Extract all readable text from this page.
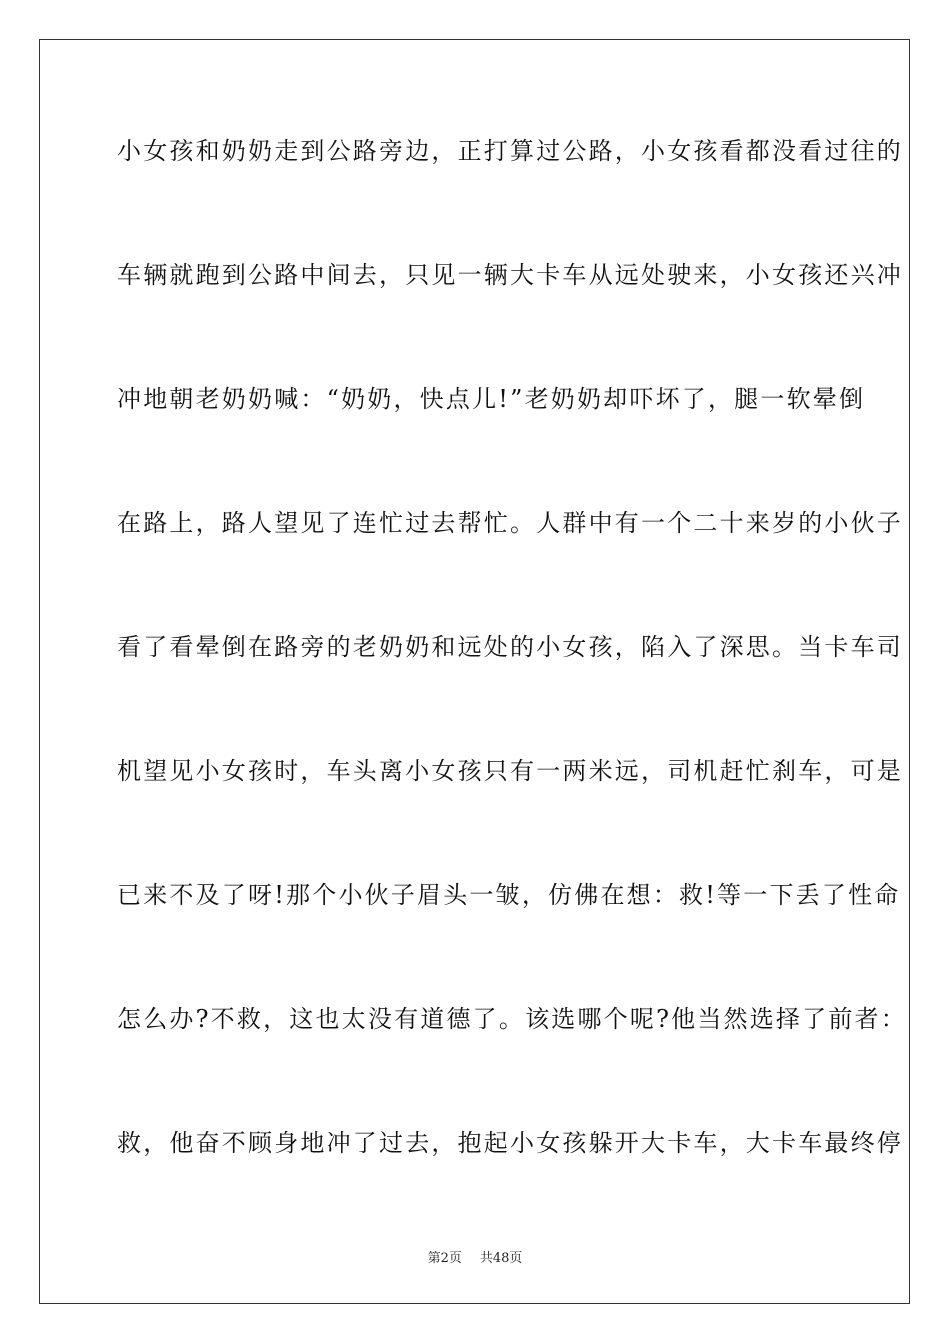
小女孩和奶奶走到公路旁边，正打算过公路，小女孩看都没看过往的
车辆就跑到公路中间去，只见一辆大卡车从远处驶来，小女孩还兴冲
冲地朝老奶奶喊：“奶奶，快点儿!”老奶奶却吓坏了，腿一软晕倒
在路上，路人望见了连忙过去帮忙。人群中有一个二十来岁的小伙子
看了看晕倒在路旁的老奶奶和远处的小女孩，陷入了深思。当卡车司
机望见小女孩时，车头离小女孩只有一两米远，司机赶忙刹车，可是
已来不及了呀!那个小伙子眉头一皱，仿佛在想：救!等一下丢了性命
怎么办?不救，这也太没有道德了。该选哪个呢?他当然选择了前者：
救，他奋不顾身地冲了过去，抱起小女孩躲开大卡车，大卡车最终停
第2页 共48页
